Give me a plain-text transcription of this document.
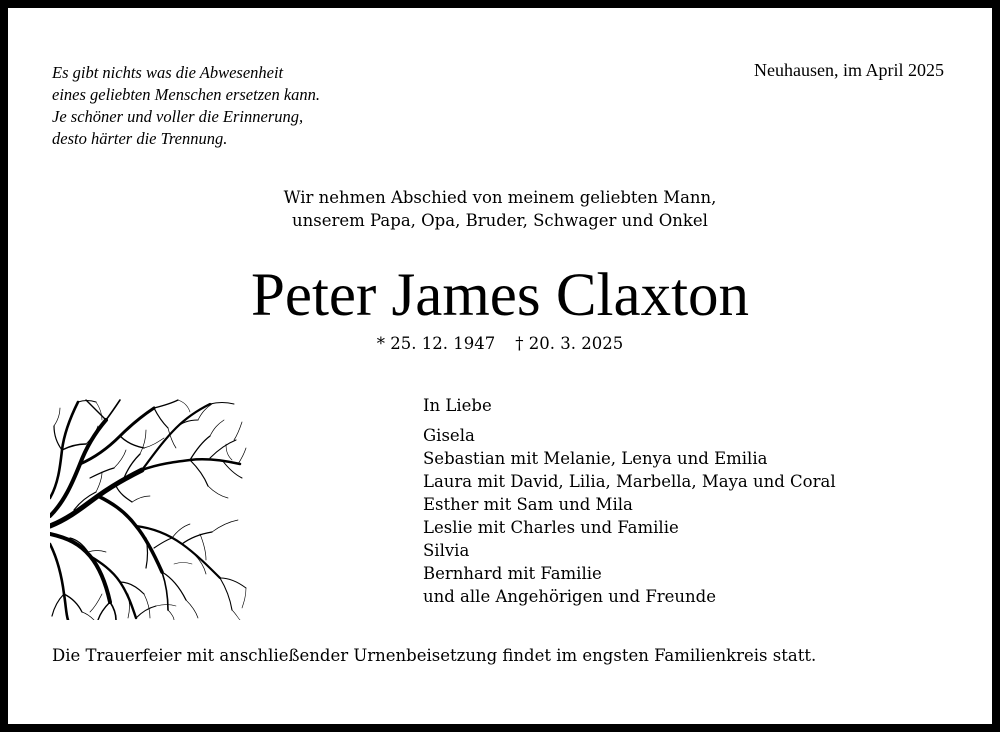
Es gibt nichts was die Abwesenheit
eines geliebten Menschen ersetzen kann.
Je schöner und voller die Erinnerung,
desto härter die Trennung.
Neuhausen, im April 2025
Wir nehmen Abschied von meinem geliebten Mann,
unserem Papa, Opa, Bruder, Schwager und Onkel
Peter James Claxton
* 25. 12. 1947 † 20. 3. 2025
In Liebe
Gisela
Sebastian mit Melanie, Lenya und Emilia
Laura mit David, Lilia, Marbella, Maya und Coral
Esther mit Sam und Mila
Leslie mit Charles und Familie
Silvia
Bernhard mit Familie
und alle Angehörigen und Freunde
Die Trauerfeier mit anschließender Urnenbeisetzung findet im engsten Familienkreis statt.
